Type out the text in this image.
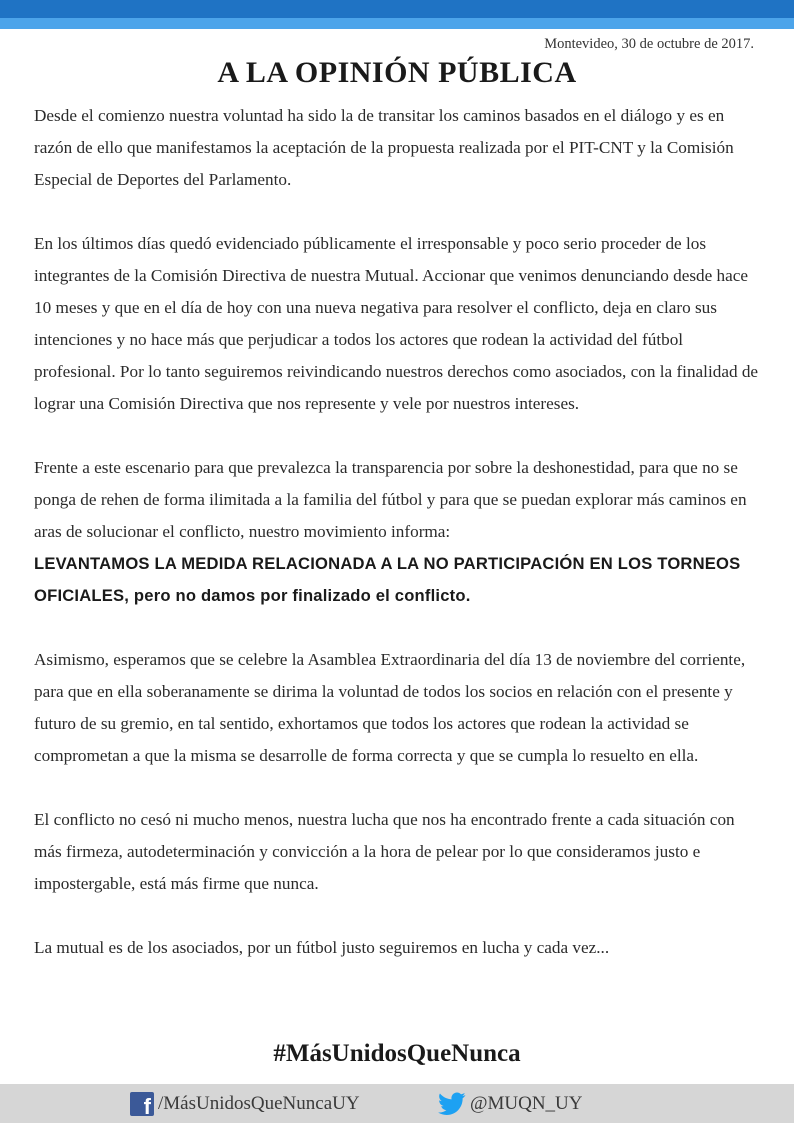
Montevideo, 30 de octubre de 2017.
A LA OPINIÓN PÚBLICA

Desde el comienzo nuestra voluntad ha sido la de transitar los caminos basados en el diálogo y es en razón de ello que manifestamos la aceptación de la propuesta realizada por el PIT-CNT y la Comisión Especial de Deportes del Parlamento.

En los últimos días quedó evidenciado públicamente el irresponsable y poco serio proceder de los integrantes de la Comisión Directiva de nuestra Mutual. Accionar que venimos denunciando desde hace 10 meses y que en el día de hoy con una nueva negativa para resolver el conflicto, deja en claro sus intenciones y no hace más que perjudicar a todos los actores que rodean la actividad del fútbol profesional. Por lo tanto seguiremos reivindicando nuestros derechos como asociados, con la finalidad de lograr una Comisión Directiva que nos represente y vele por nuestros intereses.

Frente a este escenario para que prevalezca la transparencia por sobre la deshonestidad, para que no se ponga de rehen de forma ilimitada a la familia del fútbol y para que se puedan explorar más caminos en aras de solucionar el conflicto, nuestro movimiento informa:
LEVANTAMOS LA MEDIDA RELACIONADA A LA NO PARTICIPACIÓN EN LOS TORNEOS OFICIALES, pero no damos por finalizado el conflicto.

Asimismo, esperamos que se celebre la Asamblea Extraordinaria del día 13 de noviembre del corriente, para que en ella soberanamente se dirima la voluntad de todos los socios en relación con el presente y futuro de su gremio, en tal sentido, exhortamos que todos los actores que rodean la actividad se comprometan a que la misma se desarrolle de forma correcta y que se cumpla lo resuelto en ella.

El conflicto no cesó ni mucho menos, nuestra lucha que nos ha encontrado frente a cada situación con más firmeza, autodeterminación y convicción a la hora de pelear por lo que consideramos justo e impostergable, está más firme que nunca.

La mutual es de los asociados, por un fútbol justo seguiremos en lucha y cada vez...

#MásUnidosQueNunca
f /MásUnidosQueNuncaUY	@MUQN_UY
